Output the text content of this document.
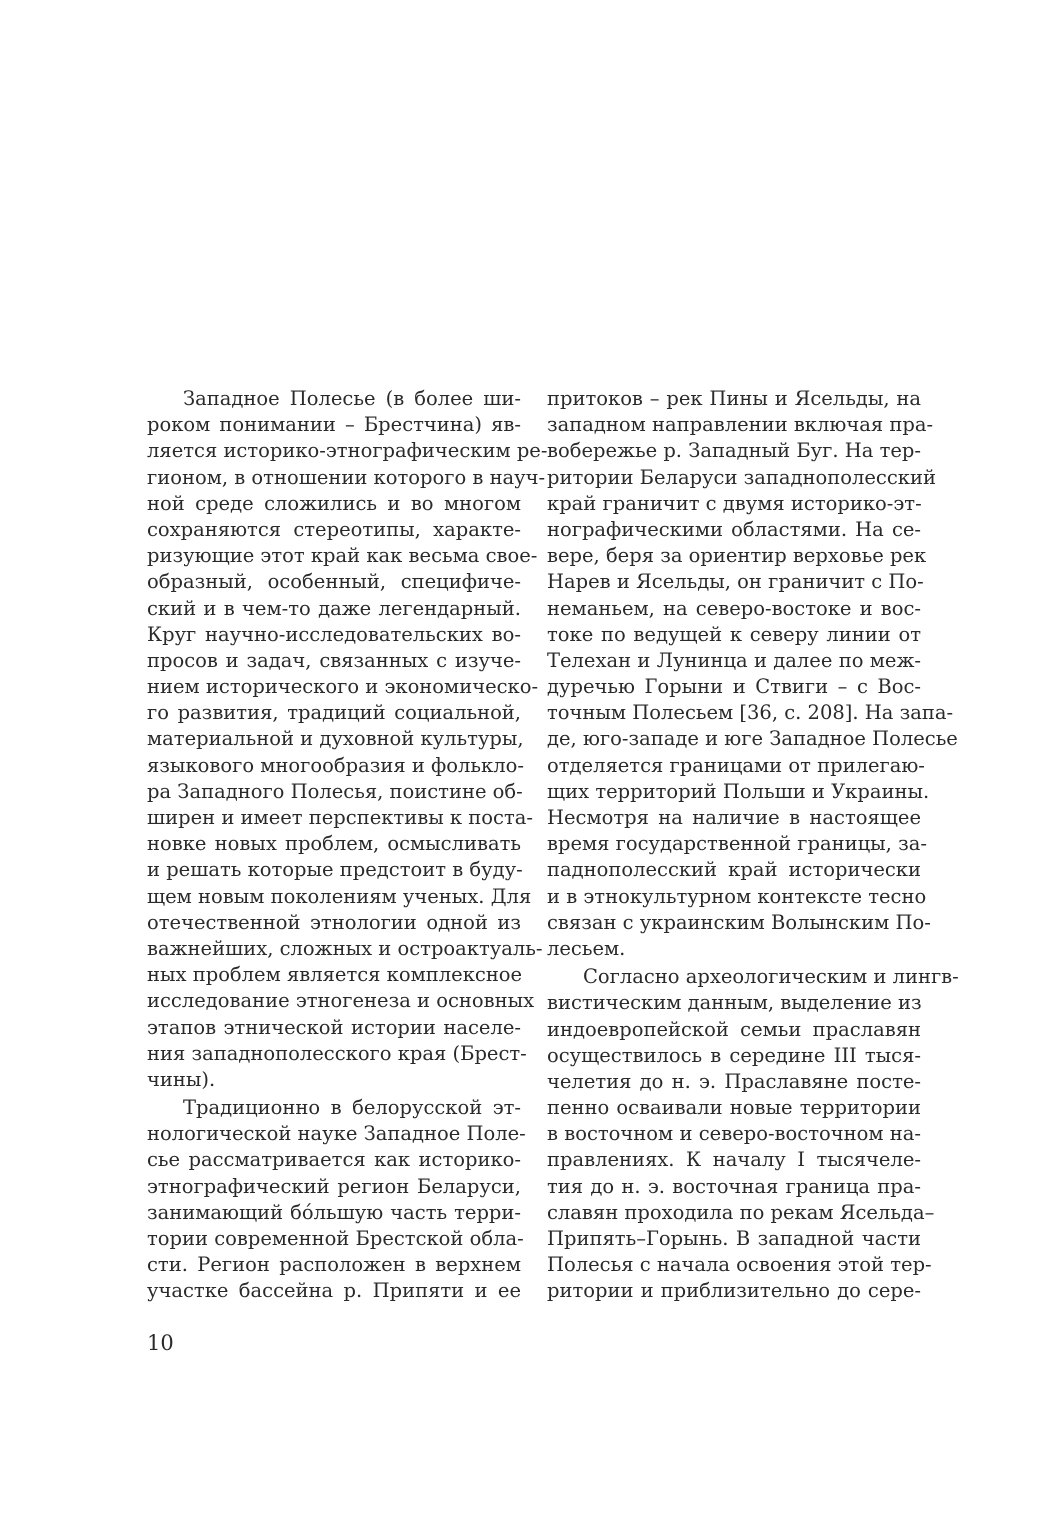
Западное Полесье (в более ши-
роком понимании – Брестчина) яв-
ляется историко-этнографическим ре-
гионом, в отношении которого в науч-
ной среде сложились и во многом
сохраняются стереотипы, характе-
ризующие этот край как весьма свое-
образный, особенный, специфиче-
ский и в чем-то даже легендарный.
Круг научно-исследовательских во-
просов и задач, связанных с изуче-
нием исторического и экономическо-
го развития, традиций социальной,
материальной и духовной культуры,
языкового многообразия и фольклo-
ра Западного Полесья, поистине об-
ширен и имеет перспективы к поста-
новке новых проблем, осмысливать
и решать которые предстоит в буду-
щем новым поколениям ученых. Для
отечественной этнологии одной из
важнейших, сложных и остроактуаль-
ных проблем является комплексное
исследование этногенеза и основных
этапов этнической истории населе-
ния западнополесского края (Брест-
чины).
Традиционно в белорусской эт-
нологической науке Западное Поле-
сье рассматривается как историко-
этнографический регион Беларуси,
занимающий бóльшую часть терри-
тории современной Брестской обла-
сти. Регион расположен в верхнем
участке бассейна р. Припяти и ее
притоков – рек Пины и Ясельды, на
западном направлении включая пра-
вобережье р. Западный Буг. На тер-
ритории Беларуси западнополесский
край граничит с двумя историко-эт-
нографическими областями. На се-
вере, беря за ориентир верховье рек
Нарев и Ясельды, он граничит с По-
неманьем, на северо-востоке и вос-
токе по ведущей к северу линии от
Телехан и Лунинца и далее по меж-
дуречью Горыни и Ствиги – с Вос-
точным Полесьем [36, с. 208]. На запа-
де, юго-западе и юге Западное Полесье
отделяется границами от прилегаю-
щих территорий Польши и Украины.
Несмотря на наличие в настоящее
время государственной границы, за-
паднополесский край исторически
и в этнокультурном контексте тесно
связан с украинским Волынским По-
лесьем.
Согласно археологическим и лингв-
вистическим данным, выделение из
индоевропейской семьи праславян
осуществилось в середине III тыся-
челетия до н. э. Праславяне посте-
пенно осваивали новые территории
в восточном и северо-восточном на-
правлениях. К началу I тысячеле-
тия до н. э. восточная граница пра-
славян проходила по рекам Ясельда–
Припять–Горынь. В западной части
Полесья с начала освоения этой тер-
ритории и приблизительно до сере-
10
